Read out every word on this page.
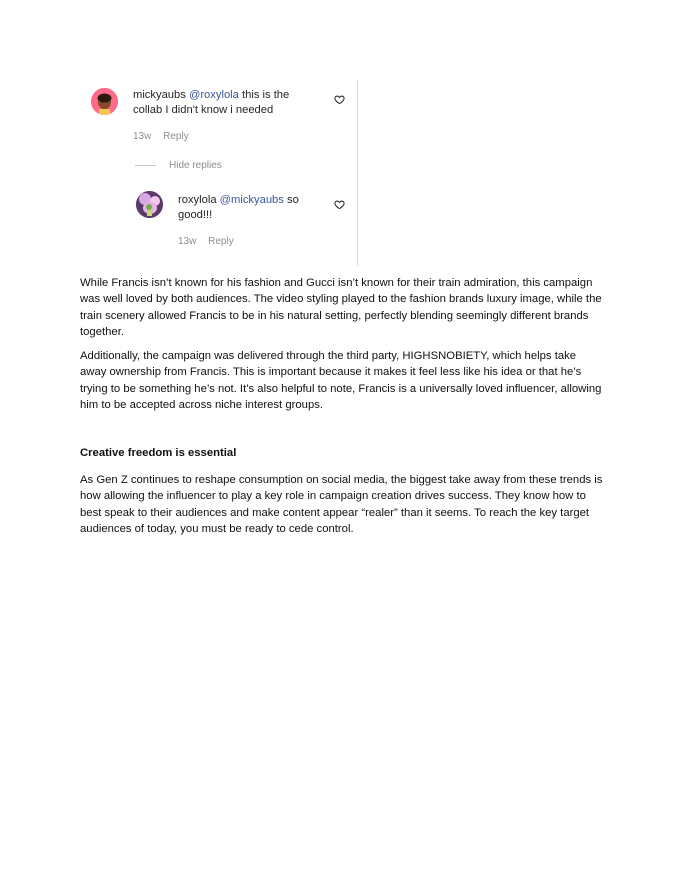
mickyaubs @roxylola this is the collab I didn't know i needed
13w Reply
Hide replies
roxylola @mickyaubs so good!!!
13w Reply

While Francis isn’t known for his fashion and Gucci isn’t known for their train admiration, this campaign was well loved by both audiences. The video styling played to the fashion brands luxury image, while the train scenery allowed Francis to be in his natural setting, perfectly blending seemingly different brands together.

Additionally, the campaign was delivered through the third party, HIGHSNOBIETY, which helps take away ownership from Francis. This is important because it makes it feel less like his idea or that he’s trying to be something he’s not. It’s also helpful to note, Francis is a universally loved influencer, allowing him to be accepted across niche interest groups.

Creative freedom is essential

As Gen Z continues to reshape consumption on social media, the biggest take away from these trends is how allowing the influencer to play a key role in campaign creation drives success. They know how to best speak to their audiences and make content appear “realer” than it seems. To reach the key target audiences of today, you must be ready to cede control.
